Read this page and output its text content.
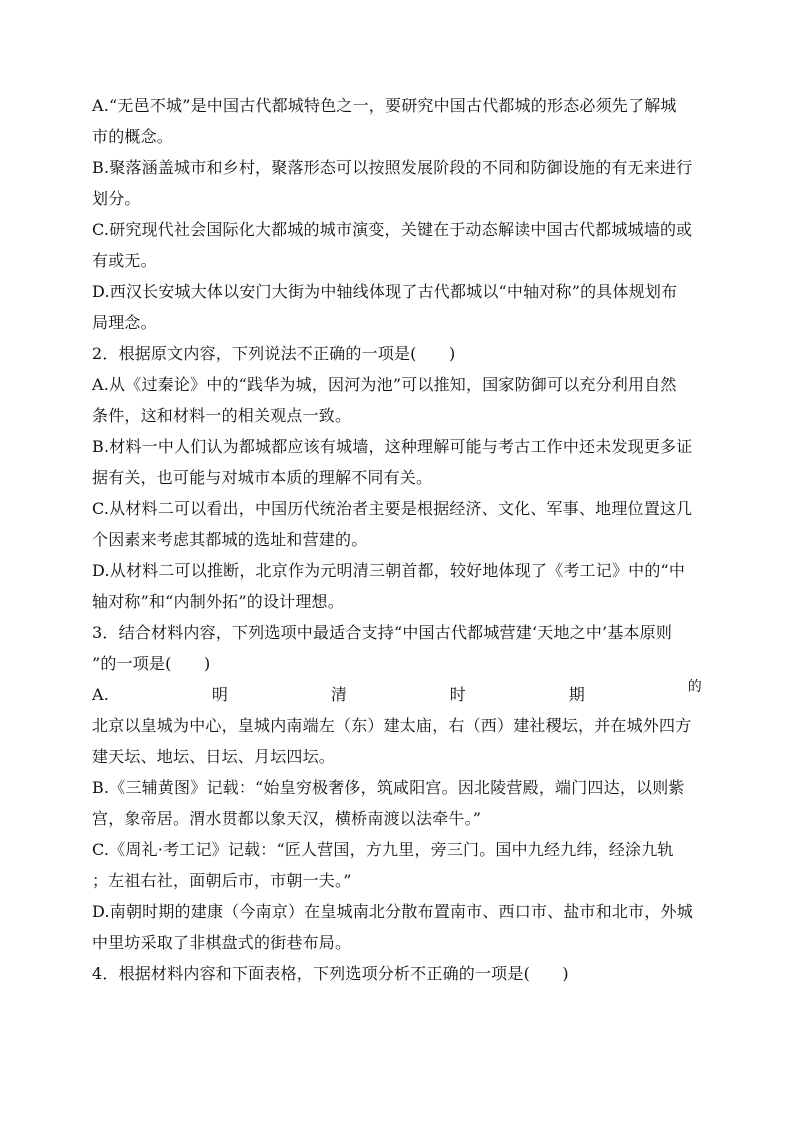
A.“无邑不城”是中国古代都城特色之一，要研究中国古代都城的形态必须先了解城
市的概念。
B.聚落涵盖城市和乡村，聚落形态可以按照发展阶段的不同和防御设施的有无来进行
划分。
C.研究现代社会国际化大都城的城市演变，关键在于动态解读中国古代都城城墙的或
有或无。
D.西汉长安城大体以安门大街为中轴线体现了古代都城以“中轴对称”的具体规划布
局理念。
2．根据原文内容，下列说法不正确的一项是(　　)
A.从《过秦论》中的“践华为城，因河为池”可以推知，国家防御可以充分利用自然
条件，这和材料一的相关观点一致。
B.材料一中人们认为都城都应该有城墙，这种理解可能与考古工作中还未发现更多证
据有关，也可能与对城市本质的理解不同有关。
C.从材料二可以看出，中国历代统治者主要是根据经济、文化、军事、地理位置这几
个因素来考虑其都城的选址和营建的。
D.从材料二可以推断，北京作为元明清三朝首都，较好地体现了《考工记》中的“中
轴对称”和“内制外拓”的设计理想。
3．结合材料内容，下列选项中最适合支持“中国古代都城营建‘天地之中’基本原则
”的一项是(　　)
A.	明	清	时	期	的
北京以皇城为中心，皇城内南端左（东）建太庙，右（西）建社稷坛，并在城外四方
建天坛、地坛、日坛、月坛四坛。
B.《三辅黄图》记载：“始皇穷极奢侈，筑咸阳宫。因北陵营殿，端门四达，以则紫
宫，象帝居。渭水贯都以象天汉，横桥南渡以法牵牛。”
C.《周礼·考工记》记载：“匠人营国，方九里，旁三门。国中九经九纬，经涂九轨
；左祖右社，面朝后市，市朝一夫。”
D.南朝时期的建康（今南京）在皇城南北分散布置南市、西口市、盐市和北市，外城
中里坊采取了非棋盘式的街巷布局。
4．根据材料内容和下面表格，下列选项分析不正确的一项是(　　)
